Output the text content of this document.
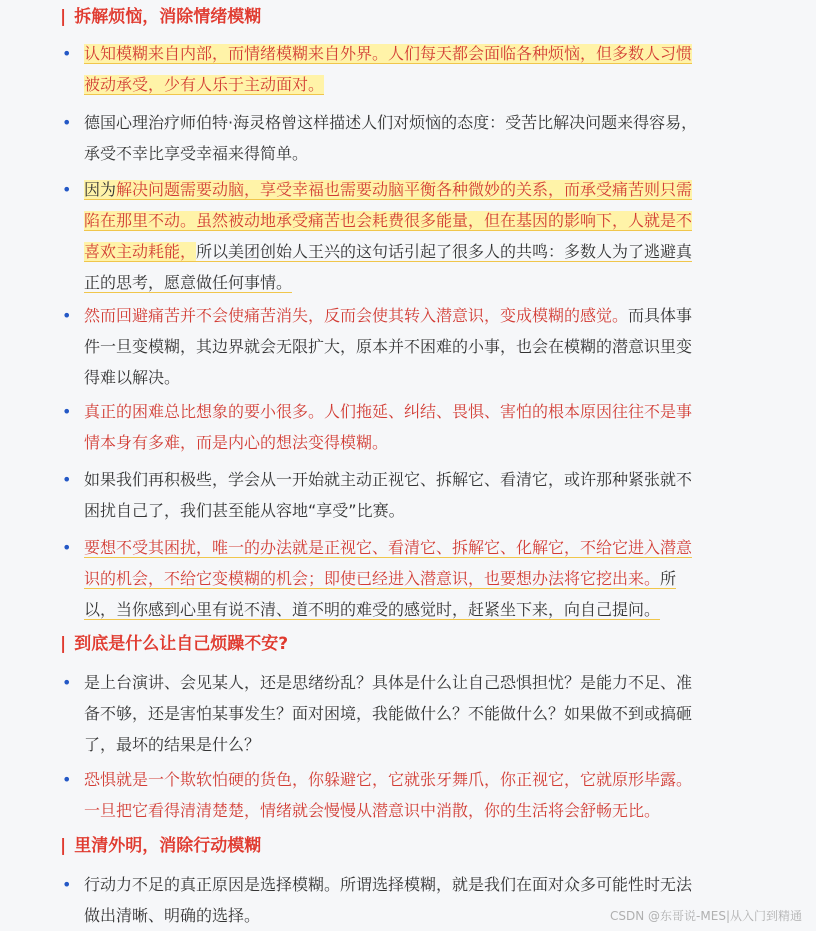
| 拆解烦恼，消除情绪模糊
• 认知模糊来自内部，而情绪模糊来自外界。人们每天都会面临各种烦恼，但多数人习惯
被动承受，少有人乐于主动面对。
• 德国心理治疗师伯特·海灵格曾这样描述人们对烦恼的态度：受苦比解决问题来得容易，
承受不幸比享受幸福来得简单。
• 因为解决问题需要动脑，享受幸福也需要动脑平衡各种微妙的关系，而承受痛苦则只需
陷在那里不动。虽然被动地承受痛苦也会耗费很多能量，但在基因的影响下，人就是不
喜欢主动耗能，所以美团创始人王兴的这句话引起了很多人的共鸣：多数人为了逃避真
正的思考，愿意做任何事情。
• 然而回避痛苦并不会使痛苦消失，反而会使其转入潜意识，变成模糊的感觉。而具体事
件一旦变模糊，其边界就会无限扩大，原本并不困难的小事，也会在模糊的潜意识里变
得难以解决。
• 真正的困难总比想象的要小很多。人们拖延、纠结、畏惧、害怕的根本原因往往不是事
情本身有多难，而是内心的想法变得模糊。
• 如果我们再积极些，学会从一开始就主动正视它、拆解它、看清它，或许那种紧张就不
困扰自己了，我们甚至能从容地“享受”比赛。
• 要想不受其困扰，唯一的办法就是正视它、看清它、拆解它、化解它，不给它进入潜意
识的机会，不给它变模糊的机会；即使已经进入潜意识，也要想办法将它挖出来。所
以，当你感到心里有说不清、道不明的难受的感觉时，赶紧坐下来，向自己提问。
| 到底是什么让自己烦躁不安?
• 是上台演讲、会见某人，还是思绪纷乱？具体是什么让自己恐惧担忧？是能力不足、准
备不够，还是害怕某事发生？面对困境，我能做什么？不能做什么？如果做不到或搞砸
了，最坏的结果是什么？
• 恐惧就是一个欺软怕硬的货色，你躲避它，它就张牙舞爪，你正视它，它就原形毕露。
一旦把它看得清清楚楚，情绪就会慢慢从潜意识中消散，你的生活将会舒畅无比。
| 里清外明，消除行动模糊
• 行动力不足的真正原因是选择模糊。所谓选择模糊，就是我们在面对众多可能性时无法
做出清晰、明确的选择。	CSDN @东哥说-MES|从入门到精通
